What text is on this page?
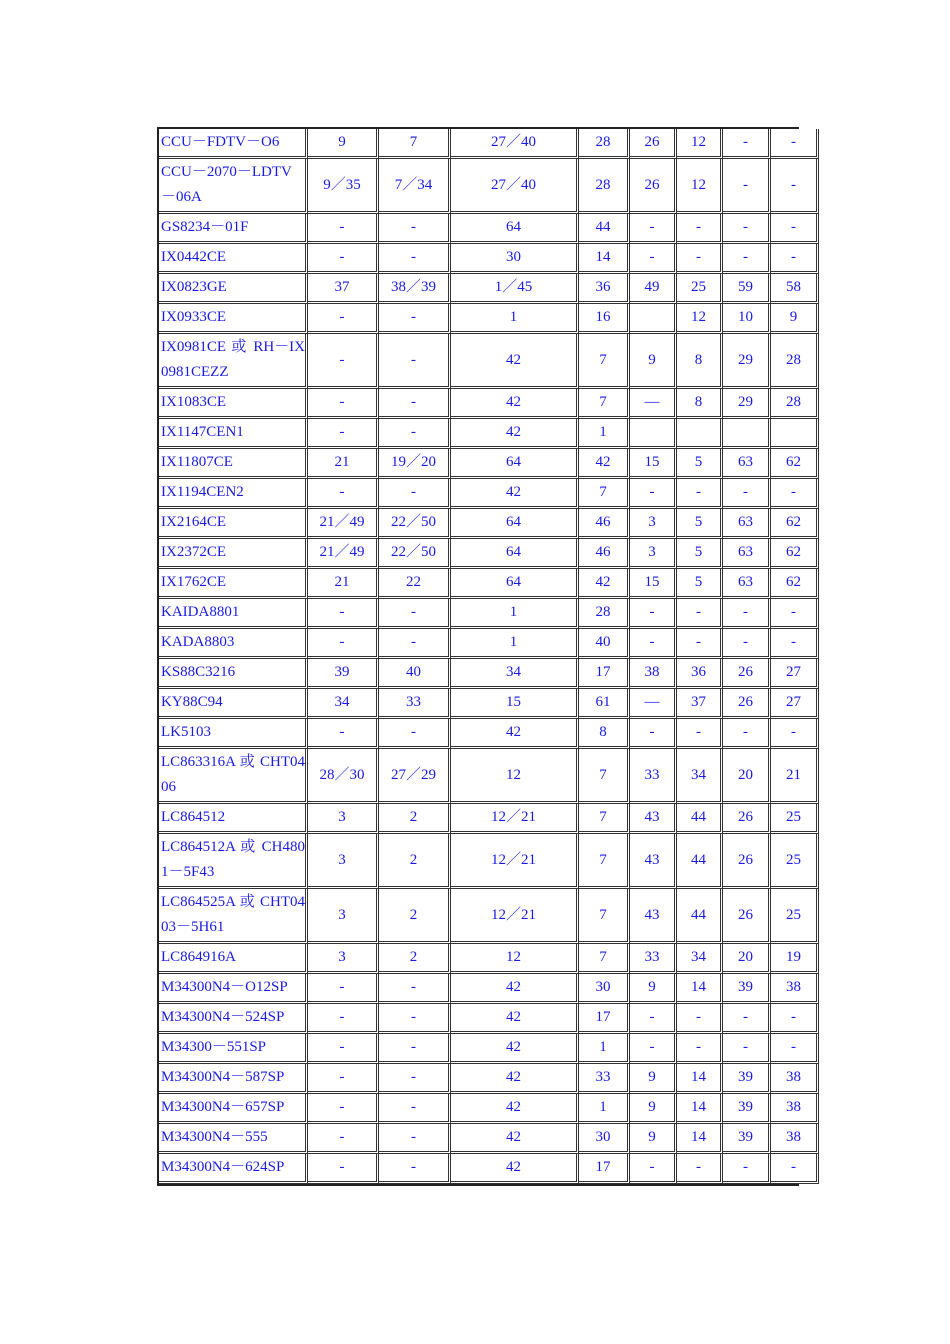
CCU－FDTV－O6	9	7	27／40	28	26	12	-	-
CCU－2070－LDTV－06A	9／35	7／34	27／40	28	26	12	-	-
GS8234－01F	-	-	64	44	-	-	-	-
IX0442CE	-	-	30	14	-	-	-	-
IX0823GE	37	38／39	1／45	36	49	25	59	58
IX0933CE	-	-	1	16		12	10	9
IX0981CE 或 RH－IX0981CEZZ	-	-	42	7	9	8	29	28
IX1083CE	-	-	42	7	—	8	29	28
IX1147CEN1	-	-	42	1				
IX11807CE	21	19／20	64	42	15	5	63	62
IX1194CEN2	-	-	42	7	-	-	-	-
IX2164CE	21／49	22／50	64	46	3	5	63	62
IX2372CE	21／49	22／50	64	46	3	5	63	62
IX1762CE	21	22	64	42	15	5	63	62
KAIDA8801	-	-	1	28	-	-	-	-
KADA8803	-	-	1	40	-	-	-	-
KS88C3216	39	40	34	17	38	36	26	27
KY88C94	34	33	15	61	—	37	26	27
LK5103	-	-	42	8	-	-	-	-
LC863316A 或 CHT0406	28／30	27／29	12	7	33	34	20	21
LC864512	3	2	12／21	7	43	44	26	25
LC864512A 或 CH4801－5F43	3	2	12／21	7	43	44	26	25
LC864525A 或 CHT0403－5H61	3	2	12／21	7	43	44	26	25
LC864916A	3	2	12	7	33	34	20	19
M34300N4－O12SP	-	-	42	30	9	14	39	38
M34300N4－524SP	-	-	42	17	-	-	-	-
M34300－551SP	-	-	42	1	-	-	-	-
M34300N4－587SP	-	-	42	33	9	14	39	38
M34300N4－657SP	-	-	42	1	9	14	39	38
M34300N4－555	-	-	42	30	9	14	39	38
M34300N4－624SP	-	-	42	17	-	-	-	-
